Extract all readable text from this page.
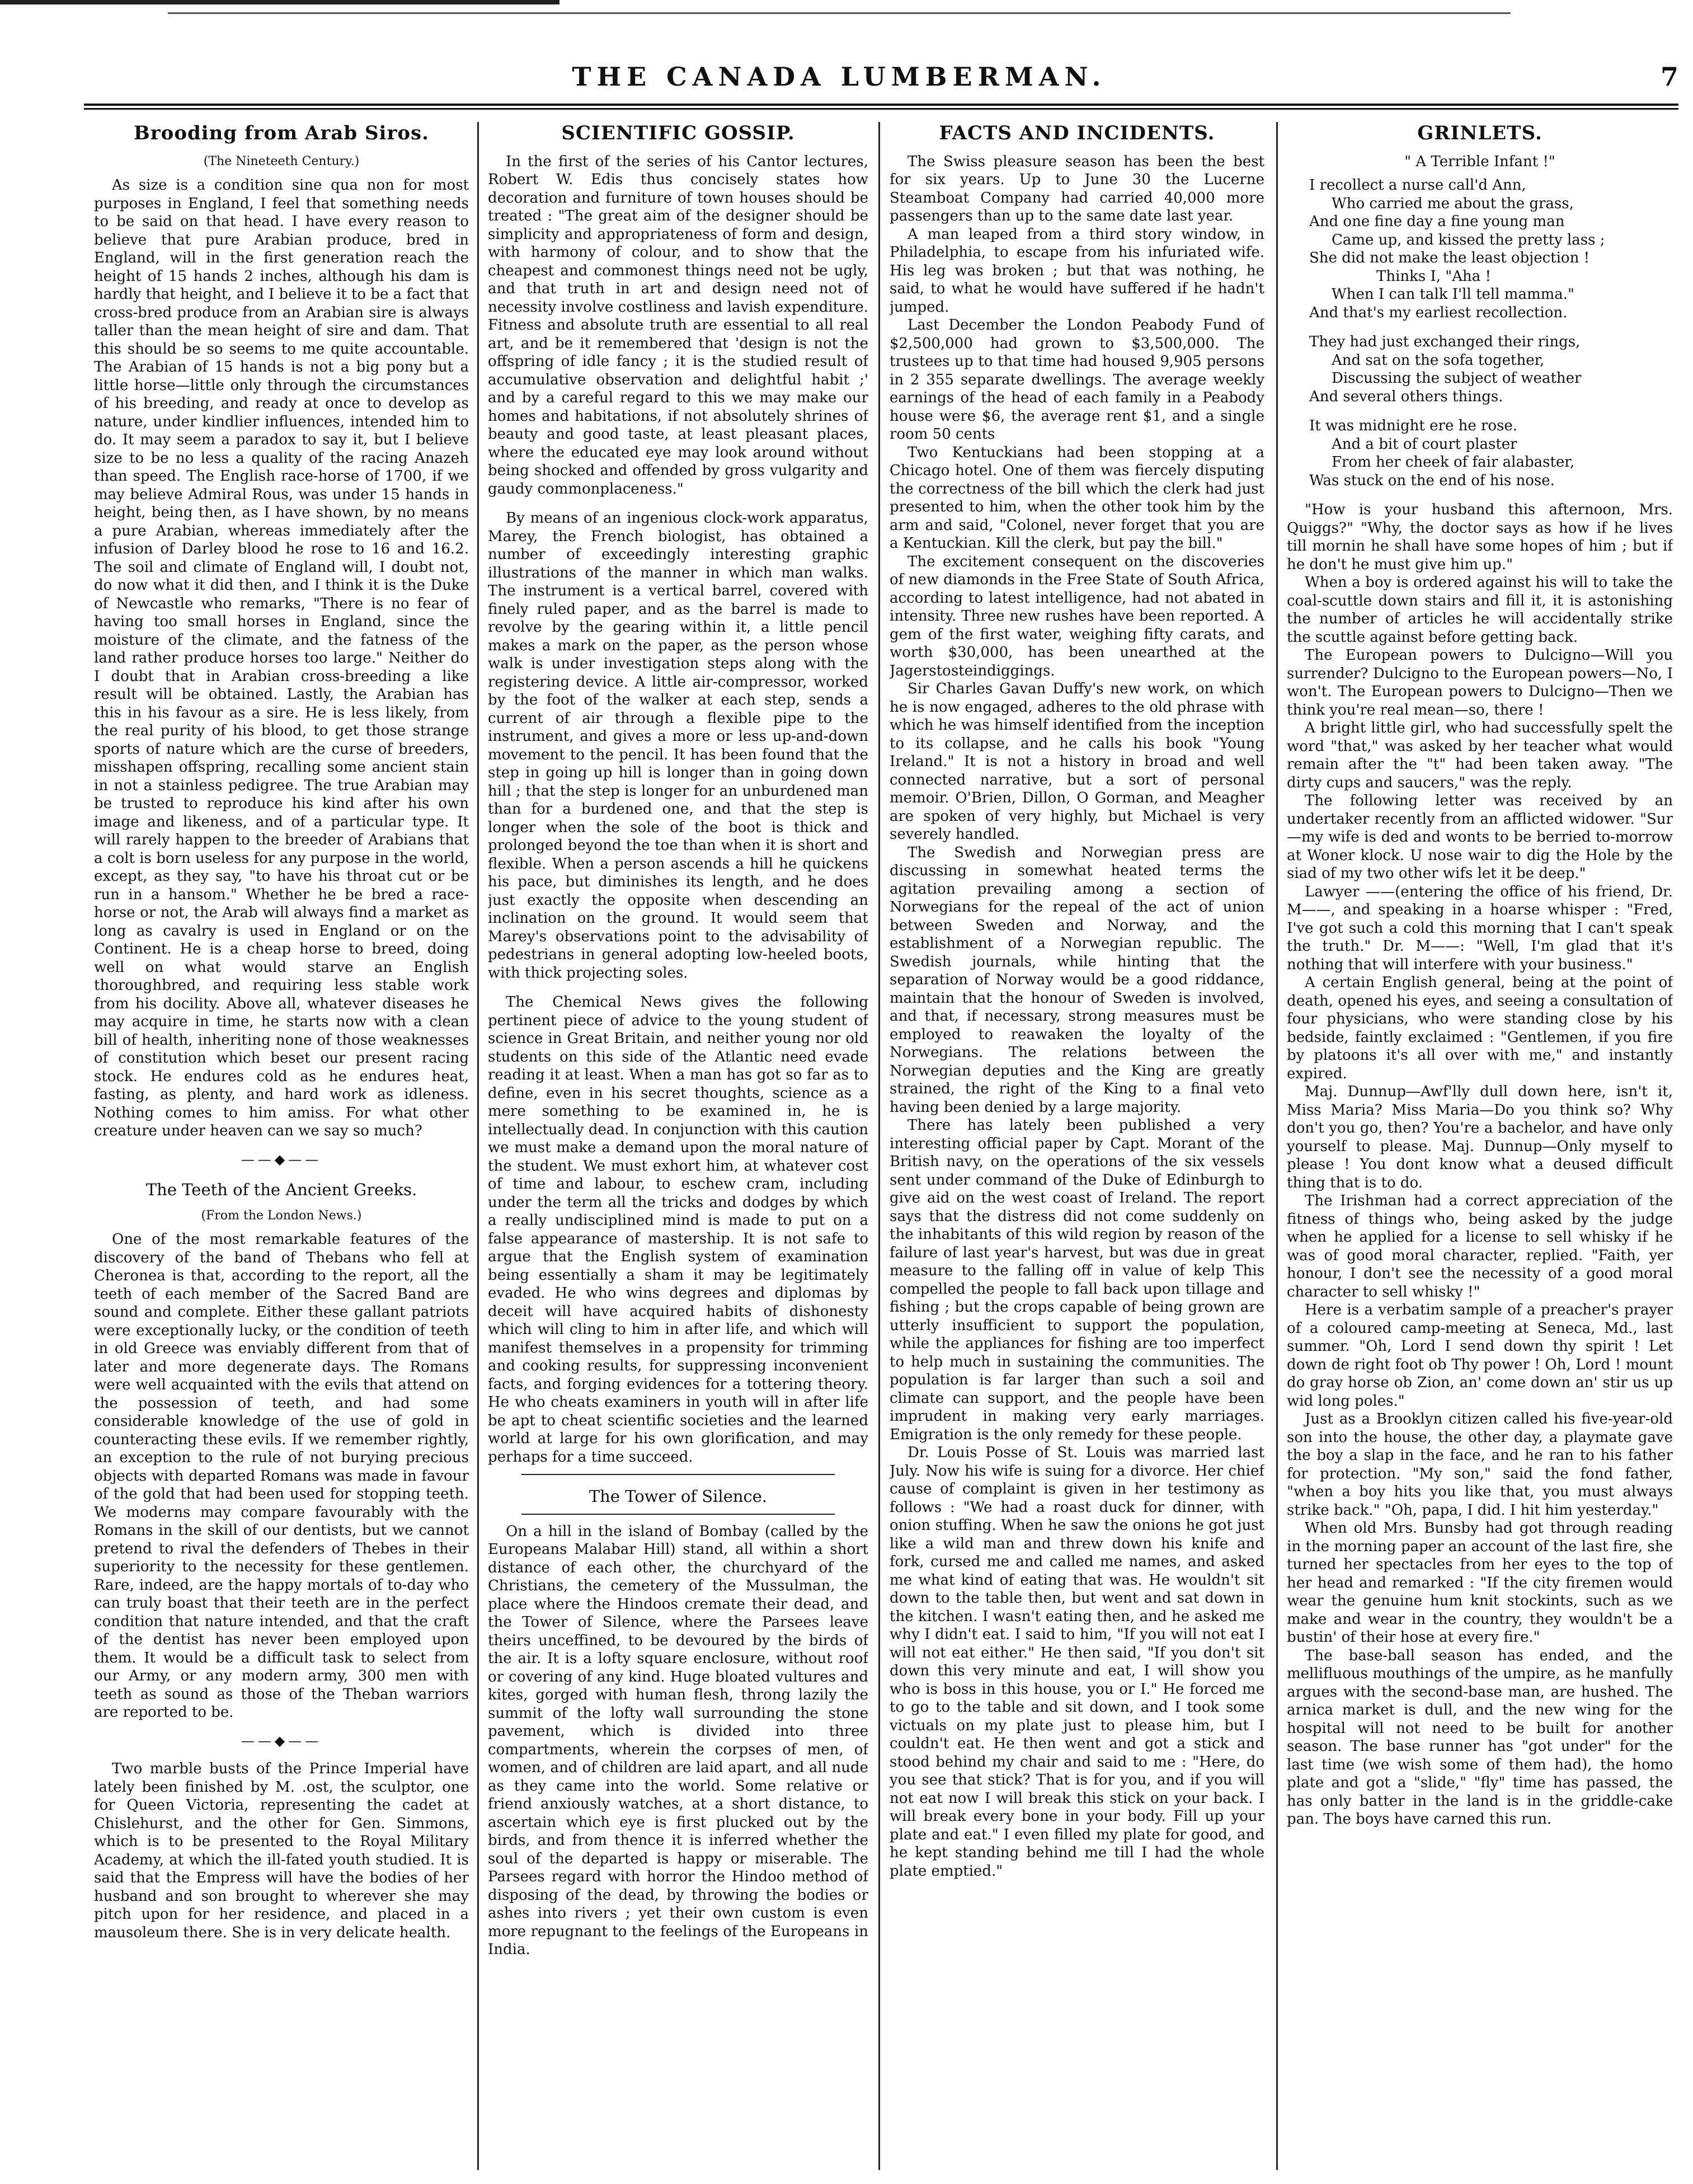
THE CANADA LUMBERMAN.	7
Brooding from Arab Siros.
(The Nineteeth Century.)

As size is a condition sine qua non for most purposes in England, I feel that something needs to be said on that head. I have every reason to believe that pure Arabian produce, bred in England, will in the first generation reach the height of 15 hands 2 inches, although his dam is hardly that height, and I believe it to be a fact that cross-bred produce from an Arabian sire is always taller than the mean height of sire and dam. That this should be so seems to me quite accountable. The Arabian of 15 hands is not a big pony but a little horse—little only through the circumstances of his breeding, and ready at once to develop as nature, under kindlier influences, intended him to do. It may seem a paradox to say it, but I believe size to be no less a quality of the racing Anazeh than speed. The English race-horse of 1700, if we may believe Admiral Rous, was under 15 hands in height, being then, as I have shown, by no means a pure Arabian, whereas immediately after the infusion of Darley blood he rose to 16 and 16.2. The soil and climate of England will, I doubt not, do now what it did then, and I think it is the Duke of Newcastle who remarks, "There is no fear of having too small horses in England, since the moisture of the climate, and the fatness of the land rather produce horses too large." Neither do I doubt that in Arabian cross-breeding a like result will be obtained. Lastly, the Arabian has this in his favour as a sire. He is less likely, from the real purity of his blood, to get those strange sports of nature which are the curse of breeders, misshapen offspring, recalling some ancient stain in not a stainless pedigree. The true Arabian may be trusted to reproduce his kind after his own image and likeness, and of a particular type. It will rarely happen to the breeder of Arabians that a colt is born useless for any purpose in the world, except, as they say, "to have his throat cut or be run in a hansom." Whether he be bred a race-horse or not, the Arab will always find a market as long as cavalry is used in England or on the Continent. He is a cheap horse to breed, doing well on what would starve an English thoroughbred, and requiring less stable work from his docility. Above all, whatever diseases he may acquire in time, he starts now with a clean bill of health, inheriting none of those weaknesses of constitution which beset our present racing stock. He endures cold as he endures heat, fasting, as plenty, and hard work as idleness. Nothing comes to him amiss. For what other creature under heaven can we say so much?

——◆——
The Teeth of the Ancient Greeks.
(From the London News.)

One of the most remarkable features of the discovery of the band of Thebans who fell at Cheronea is that, according to the report, all the teeth of each member of the Sacred Band are sound and complete. Either these gallant patriots were exceptionally lucky, or the condition of teeth in old Greece was enviably different from that of later and more degenerate days. The Romans were well acquainted with the evils that attend on the possession of teeth, and had some considerable knowledge of the use of gold in counteracting these evils. If we remember rightly, an exception to the rule of not burying precious objects with departed Romans was made in favour of the gold that had been used for stopping teeth. We moderns may compare favourably with the Romans in the skill of our dentists, but we cannot pretend to rival the defenders of Thebes in their superiority to the necessity for these gentlemen. Rare, indeed, are the happy mortals of to-day who can truly boast that their teeth are in the perfect condition that nature intended, and that the craft of the dentist has never been employed upon them. It would be a difficult task to select from our Army, or any modern army, 300 men with teeth as sound as those of the Theban warriors are reported to be.

——◆——

Two marble busts of the Prince Imperial have lately been finished by M. .ost, the sculptor, one for Queen Victoria, representing the cadet at Chislehurst, and the other for Gen. Simmons, which is to be presented to the Royal Military Academy, at which the ill-fated youth studied. It is said that the Empress will have the bodies of her husband and son brought to wherever she may pitch upon for her residence, and placed in a mausoleum there. She is in very delicate health.

SCIENTIFIC GOSSIP.

In the first of the series of his Cantor lectures, Robert W. Edis thus concisely states how decoration and furniture of town houses should be treated : "The great aim of the designer should be simplicity and appropriateness of form and design, with harmony of colour, and to show that the cheapest and commonest things need not be ugly, and that truth in art and design need not of necessity involve costliness and lavish expenditure. Fitness and absolute truth are essential to all real art, and be it remembered that 'design is not the offspring of idle fancy ; it is the studied result of accumulative observation and delightful habit ;' and by a careful regard to this we may make our homes and habitations, if not absolutely shrines of beauty and good taste, at least pleasant places, where the educated eye may look around without being shocked and offended by gross vulgarity and gaudy commonplaceness."

By means of an ingenious clock-work apparatus, Marey, the French biologist, has obtained a number of exceedingly interesting graphic illustrations of the manner in which man walks. The instrument is a vertical barrel, covered with finely ruled paper, and as the barrel is made to revolve by the gearing within it, a little pencil makes a mark on the paper, as the person whose walk is under investigation steps along with the registering device. A little air-compressor, worked by the foot of the walker at each step, sends a current of air through a flexible pipe to the instrument, and gives a more or less up-and-down movement to the pencil. It has been found that the step in going up hill is longer than in going down hill ; that the step is longer for an unburdened man than for a burdened one, and that the step is longer when the sole of the boot is thick and prolonged beyond the toe than when it is short and flexible. When a person ascends a hill he quickens his pace, but diminishes its length, and he does just exactly the opposite when descending an inclination on the ground. It would seem that Marey's observations point to the advisability of pedestrians in general adopting low-heeled boots, with thick projecting soles.

The Chemical News gives the following pertinent piece of advice to the young student of science in Great Britain, and neither young nor old students on this side of the Atlantic need evade reading it at least. When a man has got so far as to define, even in his secret thoughts, science as a mere something to be examined in, he is intellectually dead. In conjunction with this caution we must make a demand upon the moral nature of the student. We must exhort him, at whatever cost of time and labour, to eschew cram, including under the term all the tricks and dodges by which a really undisciplined mind is made to put on a false appearance of mastership. It is not safe to argue that the English system of examination being essentially a sham it may be legitimately evaded. He who wins degrees and diplomas by deceit will have acquired habits of dishonesty which will cling to him in after life, and which will manifest themselves in a propensity for trimming and cooking results, for suppressing inconvenient facts, and forging evidences for a tottering theory. He who cheats examiners in youth will in after life be apt to cheat scientific societies and the learned world at large for his own glorification, and may perhaps for a time succeed.

The Tower of Silence.

On a hill in the island of Bombay (called by the Europeans Malabar Hill) stand, all within a short distance of each other, the churchyard of the Christians, the cemetery of the Mussulman, the place where the Hindoos cremate their dead, and the Tower of Silence, where the Parsees leave theirs unceffined, to be devoured by the birds of the air. It is a lofty square enclosure, without roof or covering of any kind. Huge bloated vultures and kites, gorged with human flesh, throng lazily the summit of the lofty wall surrounding the stone pavement, which is divided into three compartments, wherein the corpses of men, of women, and of children are laid apart, and all nude as they came into the world. Some relative or friend anxiously watches, at a short distance, to ascertain which eye is first plucked out by the birds, and from thence it is inferred whether the soul of the departed is happy or miserable. The Parsees regard with horror the Hindoo method of disposing of the dead, by throwing the bodies or ashes into rivers ; yet their own custom is even more repugnant to the feelings of the Europeans in India.

FACTS AND INCIDENTS.

The Swiss pleasure season has been the best for six years. Up to June 30 the Lucerne Steamboat Company had carried 40,000 more passengers than up to the same date last year.

A man leaped from a third story window, in Philadelphia, to escape from his infuriated wife. His leg was broken ; but that was nothing, he said, to what he would have suffered if he hadn't jumped.

Last December the London Peabody Fund of $2,500,000 had grown to $3,500,000. The trustees up to that time had housed 9,905 persons in 2 355 separate dwellings. The average weekly earnings of the head of each family in a Peabody house were $6, the average rent $1, and a single room 50 cents

Two Kentuckians had been stopping at a Chicago hotel. One of them was fiercely disputing the correctness of the bill which the clerk had just presented to him, when the other took him by the arm and said, "Colonel, never forget that you are a Kentuckian. Kill the clerk, but pay the bill."

The excitement consequent on the discoveries of new diamonds in the Free State of South Africa, according to latest intelligence, had not abated in intensity. Three new rushes have been reported. A gem of the first water, weighing fifty carats, and worth $30,000, has been unearthed at the Jagerstosteindiggings.

Sir Charles Gavan Duffy's new work, on which he is now engaged, adheres to the old phrase with which he was himself identified from the inception to its collapse, and he calls his book "Young Ireland." It is not a history in broad and well connected narrative, but a sort of personal memoir. O'Brien, Dillon, O Gorman, and Meagher are spoken of very highly, but Michael is very severely handled.

The Swedish and Norwegian press are discussing in somewhat heated terms the agitation prevailing among a section of Norwegians for the repeal of the act of union between Sweden and Norway, and the establishment of a Norwegian republic. The Swedish journals, while hinting that the separation of Norway would be a good riddance, maintain that the honour of Sweden is involved, and that, if necessary, strong measures must be employed to reawaken the loyalty of the Norwegians. The relations between the Norwegian deputies and the King are greatly strained, the right of the King to a final veto having been denied by a large majority.

There has lately been published a very interesting official paper by Capt. Morant of the British navy, on the operations of the six vessels sent under command of the Duke of Edinburgh to give aid on the west coast of Ireland. The report says that the distress did not come suddenly on the inhabitants of this wild region by reason of the failure of last year's harvest, but was due in great measure to the falling off in value of kelp This compelled the people to fall back upon tillage and fishing ; but the crops capable of being grown are utterly insufficient to support the population, while the appliances for fishing are too imperfect to help much in sustaining the communities. The population is far larger than such a soil and climate can support, and the people have been imprudent in making very early marriages. Emigration is the only remedy for these people.

Dr. Louis Posse of St. Louis was married last July. Now his wife is suing for a divorce. Her chief cause of complaint is given in her testimony as follows : "We had a roast duck for dinner, with onion stuffing. When he saw the onions he got just like a wild man and threw down his knife and fork, cursed me and called me names, and asked me what kind of eating that was. He wouldn't sit down to the table then, but went and sat down in the kitchen. I wasn't eating then, and he asked me why I didn't eat. I said to him, "If you will not eat I will not eat either." He then said, "If you don't sit down this very minute and eat, I will show you who is boss in this house, you or I." He forced me to go to the table and sit down, and I took some victuals on my plate just to please him, but I couldn't eat. He then went and got a stick and stood behind my chair and said to me : "Here, do you see that stick? That is for you, and if you will not eat now I will break this stick on your back. I will break every bone in your body. Fill up your plate and eat." I even filled my plate for good, and he kept standing behind me till I had the whole plate emptied."

GRINLETS.
" A Terrible Infant !"
I recollect a nurse call'd Ann,
Who carried me about the grass,
And one fine day a fine young man
Came up, and kissed the pretty lass ;
She did not make the least objection !
Thinks I, "Aha !
When I can talk I'll tell mamma."
And that's my earliest recollection.
They had just exchanged their rings,
And sat on the sofa together,
Discussing the subject of weather
And several others things.
It was midnight ere he rose.
And a bit of court plaster
From her cheek of fair alabaster,
Was stuck on the end of his nose.

"How is your husband this afternoon, Mrs. Quiggs?" "Why, the doctor says as how if he lives till mornin he shall have some hopes of him ; but if he don't he must give him up."

When a boy is ordered against his will to take the coal-scuttle down stairs and fill it, it is astonishing the number of articles he will accidentally strike the scuttle against before getting back.

The European powers to Dulcigno—Will you surrender? Dulcigno to the European powers—No, I won't. The European powers to Dulcigno—Then we think you're real mean—so, there !

A bright little girl, who had successfully spelt the word "that," was asked by her teacher what would remain after the "t" had been taken away. "The dirty cups and saucers," was the reply.

The following letter was received by an undertaker recently from an afflicted widower. "Sur—my wife is ded and wonts to be berried to-morrow at Woner klock. U nose wair to dig the Hole by the siad of my two other wifs let it be deep."

Lawyer ——(entering the office of his friend, Dr. M——, and speaking in a hoarse whisper : "Fred, I've got such a cold this morning that I can't speak the truth." Dr. M——: "Well, I'm glad that it's nothing that will interfere with your business."

A certain English general, being at the point of death, opened his eyes, and seeing a consultation of four physicians, who were standing close by his bedside, faintly exclaimed : "Gentlemen, if you fire by platoons it's all over with me," and instantly expired.

Maj. Dunnup—Awf'lly dull down here, isn't it, Miss Maria? Miss Maria—Do you think so? Why don't you go, then? You're a bachelor, and have only yourself to please. Maj. Dunnup—Only myself to please ! You dont know what a deused difficult thing that is to do.

The Irishman had a correct appreciation of the fitness of things who, being asked by the judge when he applied for a license to sell whisky if he was of good moral character, replied. "Faith, yer honour, I don't see the necessity of a good moral character to sell whisky !"

Here is a verbatim sample of a preacher's prayer of a coloured camp-meeting at Seneca, Md., last summer. "Oh, Lord I send down thy spirit ! Let down de right foot ob Thy power ! Oh, Lord ! mount do gray horse ob Zion, an' come down an' stir us up wid long poles."

Just as a Brooklyn citizen called his five-year-old son into the house, the other day, a playmate gave the boy a slap in the face, and he ran to his father for protection. "My son," said the fond father, "when a boy hits you like that, you must always strike back." "Oh, papa, I did. I hit him yesterday."

When old Mrs. Bunsby had got through reading in the morning paper an account of the last fire, she turned her spectacles from her eyes to the top of her head and remarked : "If the city firemen would wear the genuine hum knit stockints, such as we make and wear in the country, they wouldn't be a bustin' of their hose at every fire."

The base-ball season has ended, and the mellifluous mouthings of the umpire, as he manfully argues with the second-base man, are hushed. The arnica market is dull, and the new wing for the hospital will not need to be built for another season. The base runner has "got under" for the last time (we wish some of them had), the homo plate and got a "slide," "fly" time has passed, the has only batter in the land is in the griddle-cake pan. The boys have carned this run.
